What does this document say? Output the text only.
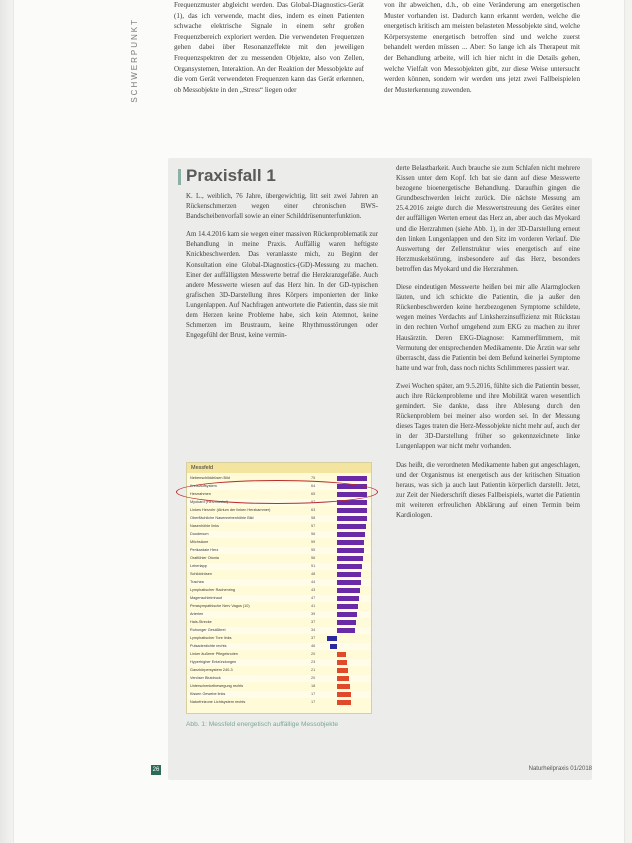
SCHWERPUNKT

Frequenzmuster abgleicht werden. Das Global-Diagnostics-Gerät (1), das ich verwende, macht dies, indem es einen Patienten schwache elektrische Signale in einem sehr großen Frequenzbereich exploriert werden. Die verwendeten Frequenzen gehen dabei über Resonanzeffekte mit den jeweiligen Frequenzspektren der zu messenden Objekte, also von Zellen, Organsystemen, Interaktion. An der Reaktion der Messobjekte auf die vom Gerät verwendeten Frequenzen kann das Gerät erkennen, ob Messobjekte in den „Stress“ liegen oder

von ihr abweichen, d.h., ob eine Veränderung am energetischen Muster vorhanden ist. Dadurch kann erkannt werden, welche die energetisch kritisch am meisten belasteten Messobjekte sind, welche Körpersysteme energetisch betroffen sind und welche zuerst behandelt werden müssen ... Aber: So lange ich als Therapeut mit der Behandlung arbeite, will ich hier nicht in die Details gehen, welche Vielfalt von Messobjekten gibt, zur diese Weise untersucht werden können, sondern wir werden uns jetzt zwei Fallbeispielen der Musterkennung zuwenden.

Praxisfall 1

K. L., weiblich, 76 Jahre, übergewichtig, litt seit zwei Jahren an Rückenschmerzen wegen einer chronischen BWS-Bandscheibenvorfall sowie an einer Schilddrüsenunterfunktion.

Am 14.4.2016 kam sie wegen einer massiven Rückenproblematik zur Behandlung in meine Praxis. Auffällig waren heftigste Knickbeschwerden. Das veranlasste mich, zu Beginn der Konsultation eine Global-Diagnostics-(GD)-Messung zu machen. Einer der auffälligsten Messwerte betraf die Herzkranzgefäße. Auch andere Messwerte wiesen auf das Herz hin. In der GD-typischen grafischen 3D-Darstellung ihres Körpers imponierten der linke Lungenlappen. Auf Nachfragen antwortete die Patientin, dass sie mit dem Herzen keine Probleme habe, sich kein Atemnot, keine Schmerzen im Brustraum, keine Rhythmusstörungen oder Engegefühl der Brust, keine vermin-

derte Belastbarkeit. Auch brauche sie zum Schlafen nicht mehrere Kissen unter dem Kopf. Ich bat sie dann auf diese Messwerte bezogene bioenergetische Behandlung. Daraufhin gingen die Grundbeschwerden leicht zurück. Die nächste Messung am 25.4.2016 zeigte durch die Messwertstreuung des Gerätes einer der auffälligen Werten erneut das Herz an, aber auch das Myokard und die Herzrahmen (siehe Abb. 1), in der 3D-Darstellung erneut den linken Lungenlappen und den Sitz im vorderen Verlauf. Die Auswertung der Zellenstruktur wies energetisch auf eine Herzmuskelstörung, insbesondere auf das Herz, besonders betroffen das Myokard und die Herzrahmen.

Diese eindeutigen Messwerte heißen bei mir alle Alarmglocken läuten, und ich schickte die Patientin, die ja außer den Rückenbeschwerden keine herzbezogenen Symptome schildete, wegen meines Verdachts auf Linksherzinsuffizienz mit Rückstau in den rechten Vorhof umgehend zum EKG zu machen zu ihrer Hausärztin. Deren EKG-Diagnose: Kammerflimmern, mit Vermutung der entsprechenden Medikamente. Die Ärztin war sehr überrascht, dass die Patientin bei dem Befund keinerlei Symptome hatte und war froh, dass noch nichts Schlimmeres passiert war.

Zwei Wochen später, am 9.5.2016, fühlte sich die Patientin besser, auch ihre Rückenprobleme und ihre Mobilität waren wesentlich gemindert. Sie dankte, dass ihre Ablesung durch den Rückenproblem bei meiner also worden sei. In der Messung dieses Tages traten die Herz-Messobjekte nicht mehr auf, auch der in der 3D-Darstellung früher so gekennzeichnete linke Lungenlappen war nicht mehr vorhanden.

Das heißt, die verordneten Medikamente haben gut angeschlagen, und der Organismus ist energetisch aus der kritischen Situation heraus, was sich ja auch laut Patientin körperlich darstellt. Jetzt, zur Zeit der Niederschrift dieses Fallbeispiels, wartet die Patientin mit weiteren erfreulichen Abklärung auf einen Termin beim Kardiologen.

Messfeld
Nebenschilddrüsen Bild	75
Kreislaufsystem	64
Herzrahmen	65
Myokard (Herzmuskel)	97
Linkes Herzohr (Atrium der linken Herzkammer)	63
Oberflächliche Nasennebenhöhle Bild	58
Nasenhöhle links	57
Duodenum	56
Milchsäure	59
Perikardale Herz	55
Oralfühler Otonia	56
Leberlapp	51
Schilddrüsen	48
Trachea	44
Lymphatischer Rachenring	43
Magenschleimhaut	47
Perasympathische Nerv Vagus (10)	41
Arterien	39
Hals-Strecke	37
Ruhunger Gesäßbrei	34
Lymphatischer Tore links	37
Pulsaderdichte rechts	46
Linker äußerer Pflegeknoten	20
Hyperhigher Entzündungen	23
Ganzkörpersystem 240-3	21
Venöser Blutdruck	20
Unterschenkelbewegung rechts	18
Kissen Gewebe links	17
Naturfreizone Lichtsystem rechts	17
Abb. 1: Messfeld energetisch auffällige Messobjekte
26	Naturheilpraxis 01/2018
